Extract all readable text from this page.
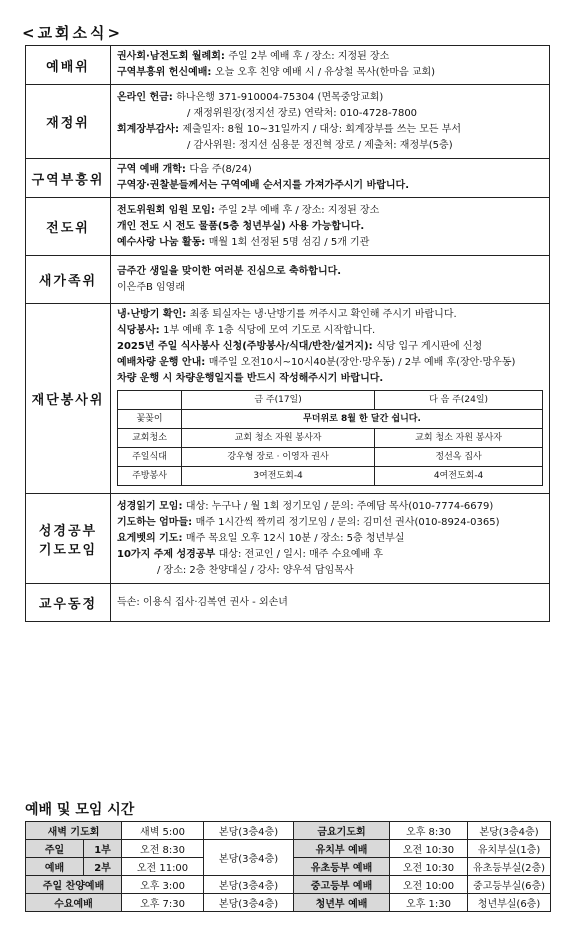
<교회소식>
예배위

권사회·남전도회 월례회: 주일 2부 예배 후 / 장소: 지정된 장소
구역부흥위 헌신예배: 오늘 오후 친양 예배 시 / 유상철 목사(한마음 교회)

재정위

온라인 헌금: 하나은행 371-910004-75304 (면목중앙교회)
/ 재정위원장(정지선 장로) 연락처: 010-4728-7800
회계장부감사: 제출일자: 8월 10~31일까지 / 대상: 회계장부를 쓰는 모든 부서
/ 감사위원: 정지선 심용문 정진혁 장로 / 제출처: 재정부(5층)

구역부흥위

구역 예배 개학: 다음 주(8/24)
구역장·권찰분들께서는 구역예배 순서지를 가져가주시기 바랍니다.

전도위

전도위원회 임원 모임: 주일 2부 예배 후 / 장소: 지정된 장소
개인 전도 시 전도 물품(5층 청년부실) 사용 가능합니다.
예수사랑 나눔 활동: 매월 1회 선정된 5명 섬김 / 5개 기관

새가족위

금주간 생일을 맞이한 여러분 진심으로 축하합니다.
이은주B 임영래

재단봉사위

냉·난방기 확인: 최종 퇴실자는 냉·난방기를 꺼주시고 확인해 주시기 바랍니다.
식당봉사: 1부 예배 후 1층 식당에 모여 기도로 시작합니다.
2025년 주일 식사봉사 신청(주방봉사/식대/반찬/설거지): 식당 입구 게시판에 신청
예배차량 운행 안내: 매주일 오전10시~10시40분(장안·망우동) / 2부 예배 후(장안·망우동)
차량 운행 시 차량운행일지를 반드시 작성해주시기 바랍니다.
	금 주(17일)	다 음 주(24일)
꽃꽂이	무더위로 8월 한 달간 쉽니다.
교회청소	교회 청소 자원 봉사자	교회 청소 자원 봉사자
주일식대	강우형 장로 · 이영자 권사	정선옥 집사
주방봉사	3여전도회-4	4여전도회-4

성경공부
기도모임

성경읽기 모임: 대상: 누구나 / 월 1회 정기모임 / 문의: 주예담 목사(010-7774-6679)
기도하는 엄마들: 매주 1시간씩 짝끼리 정기모임 / 문의: 김미선 권사(010-8924-0365)
요게벳의 기도: 매주 목요일 오후 12시 10분 / 장소: 5층 청년부실
10가지 주제 성경공부 대상: 전교인 / 일시: 매주 수요예배 후
/ 장소: 2층 찬양대실 / 강사: 양우석 담임목사

교우동정	득손: 이용식 집사·김복연 권사 - 외손녀
예배 및 모임 시간
새벽 기도회		새벽 5:00	본당(3층4층)	금요기도회	오후 8:30	본당(3층4층)
주일	1부	오전 8:30	본당(3층4층)	유치부 예배	오전 10:30	유치부실(1층)
예배	2부	오전 11:00		유초등부 예배	오전 10:30	유초등부실(2층)
주일 찬양예배		오후 3:00	본당(3층4층)	중고등부 예배	오전 10:00	중고등부실(6층)
수요예배		오후 7:30	본당(3층4층)	청년부 예배	오후 1:30	청년부실(6층)
